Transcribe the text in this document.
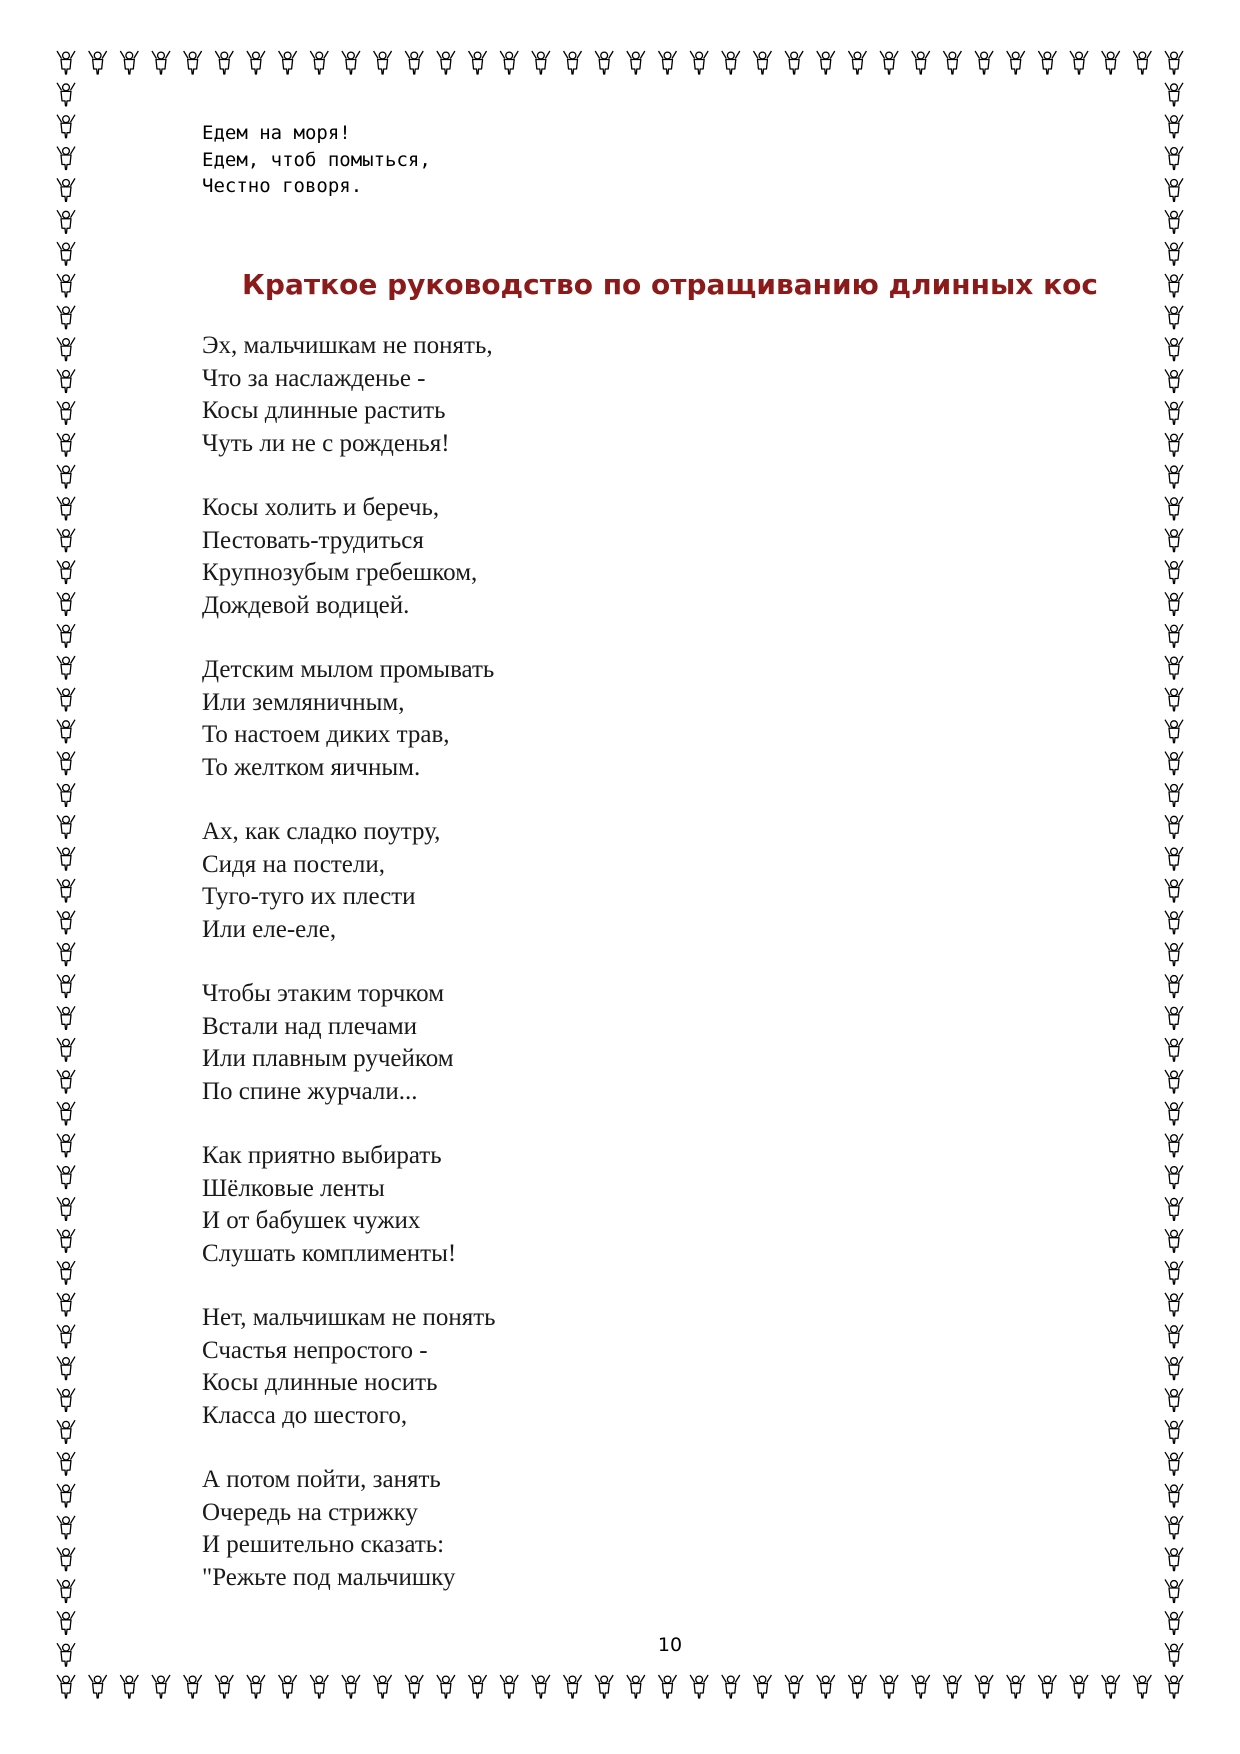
Едем на моря!
Едем, чтоб помыться,
Честно говоря.
Краткое руководство по отращиванию длинных кос
Эх, мальчишкам не понять,
Что за наслажденье -
Косы длинные растить
Чуть ли не с рожденья!
Косы холить и беречь,
Пестовать-трудиться
Крупнозубым гребешком,
Дождевой водицей.
Детским мылом промывать
Или земляничным,
То настоем диких трав,
То желтком яичным.
Ах, как сладко поутру,
Сидя на постели,
Туго-туго их плести
Или еле-еле,
Чтобы этаким торчком
Встали над плечами
Или плавным ручейком
По спине журчали...
Как приятно выбирать
Шёлковые ленты
И от бабушек чужих
Слушать комплименты!
Нет, мальчишкам не понять
Счастья непростого -
Косы длинные носить
Класса до шестого,
А потом пойти, занять
Очередь на стрижку
И решительно сказать:
"Режьте под мальчишку
10
